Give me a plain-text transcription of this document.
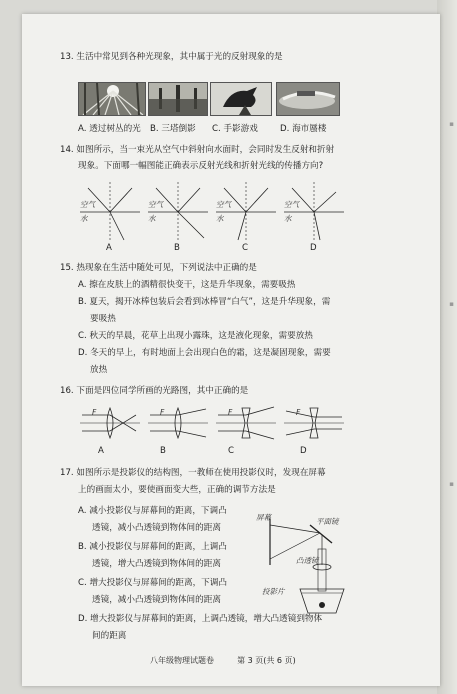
▪
▪
▪
13. 生活中常见到各种光现象，其中属于光的反射现象的是
A. 透过树丛的光 B. 三塔倒影 C. 手影游戏	D. 海市蜃楼
14. 如图所示，当一束光从空气中斜射向水面时，会同时发生反射和折射
现象。下面哪一幅图能正确表示反射光线和折射光线的传播方向?
空气
水
空气
水
空气
水
空气
水
A	B	C	D
15. 热现象在生活中随处可见，下列说法中正确的是
A. 擦在皮肤上的酒精很快变干，这是升华现象，需要吸热
B. 夏天，揭开冰棒包装后会看到冰棒冒“白气”，这是升华现象，需
要吸热
C. 秋天的早晨，花草上出现小露珠，这是液化现象，需要放热
D. 冬天的早上，有时地面上会出现白色的霜，这是凝固现象，需要
放热
16. 下面是四位同学所画的光路图，其中正确的是
F	F	F	F
A	B	C	D
17. 如图所示是投影仪的结构图，一教师在使用投影仪时，发现在屏幕
上的画面太小，要使画面变大些，正确的调节方法是
A. 减小投影仪与屏幕间的距离，下调凸
透镜，减小凸透镜到物体间的距离
B. 减小投影仪与屏幕间的距离，上调凸
透镜，增大凸透镜到物体间的距离
C. 增大投影仪与屏幕间的距离，下调凸
透镜，减小凸透镜到物体间的距离
D. 增大投影仪与屏幕间的距离，上调凸透镜，增大凸透镜到物体
间的距离
屏幕	平面镜
凸透镜
投影片
八年级物理试题卷	第 3 页(共 6 页)
